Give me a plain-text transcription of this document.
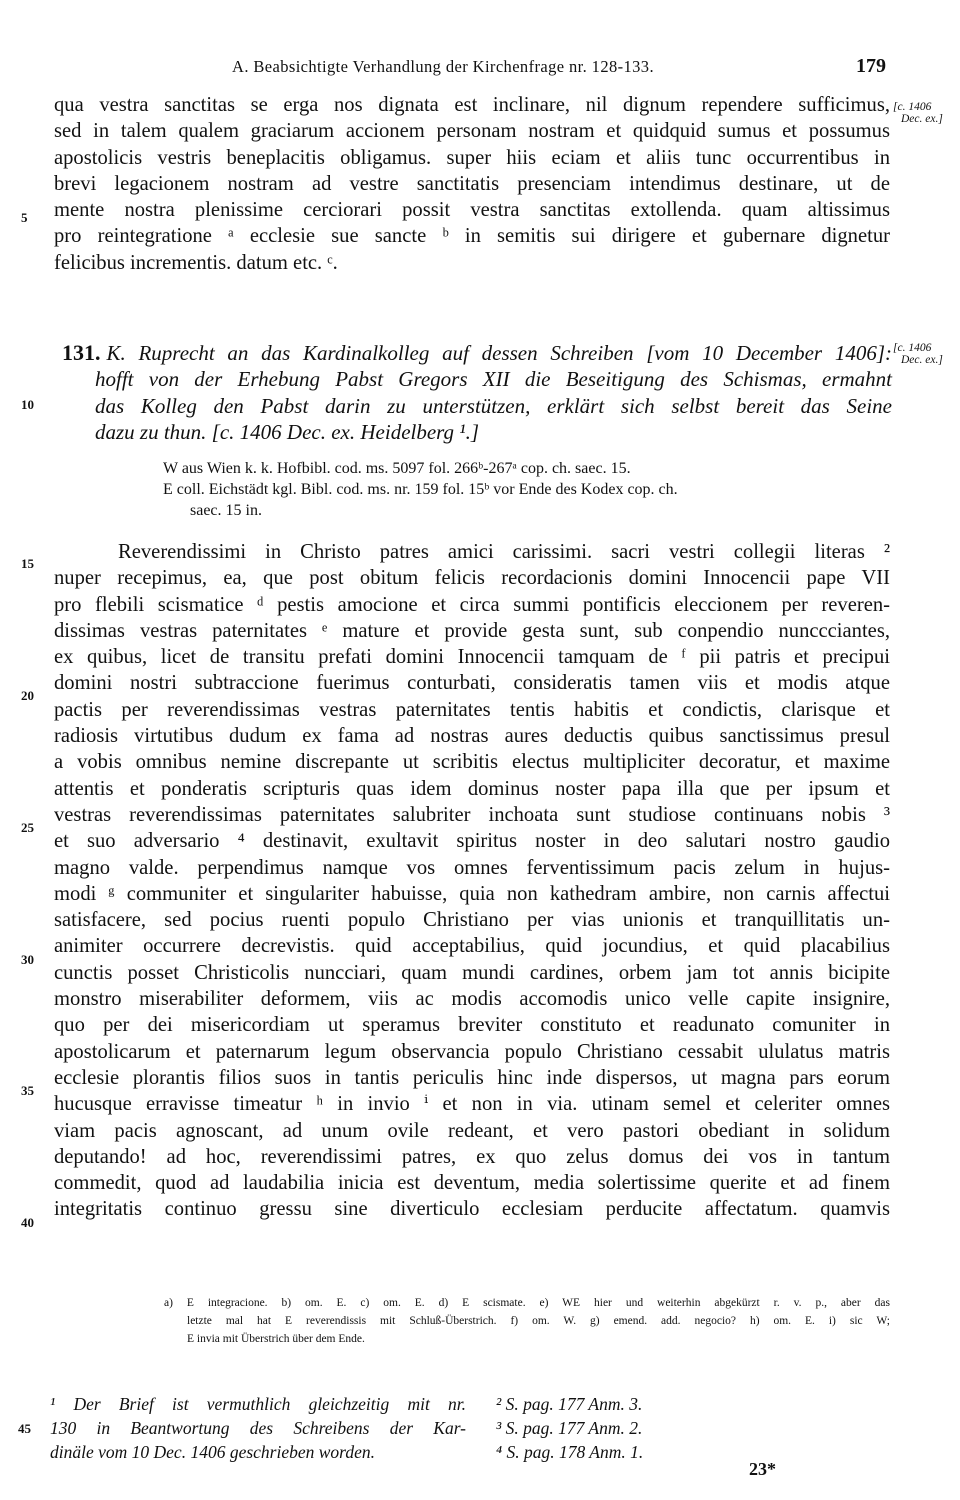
A. Beabsichtigte Verhandlung der Kirchenfrage nr. 128-133.	179
[c. 1406
Dec. ex.]
qua vestra sanctitas se erga nos dignata est inclinare, nil dignum rependere sufficimus,
sed in talem qualem graciarum accionem personam nostram et quidquid sumus et possumus
apostolicis vestris beneplacitis obligamus. super hiis eciam et aliis tunc occurrentibus in
brevi legacionem nostram ad vestre sanctitatis presenciam intendimus destinare, ut de
mente nostra plenissime cerciorari possit vestra sanctitas extollenda. quam altissimus
pro reintegratione ᵃ ecclesie sue sancte ᵇ in semitis sui dirigere et gubernare dignetur
felicibus incrementis. datum etc. ᶜ.
5
10
15
20
25
30
35
40
131. K. Ruprecht an das Kardinalkolleg auf dessen Schreiben [vom 10 December 1406]:
hofft von der Erhebung Pabst Gregors XII die Beseitigung des Schismas, ermahnt
das Kolleg den Pabst darin zu unterstützen, erklärt sich selbst bereit das Seine
dazu zu thun. [c. 1406 Dec. ex. Heidelberg ¹.]
[c. 1406
Dec. ex.]
W aus Wien k. k. Hofbibl. cod. ms. 5097 fol. 266ᵇ-267ᵃ cop. ch. saec. 15.
E coll. Eichstädt kgl. Bibl. cod. ms. nr. 159 fol. 15ᵇ vor Ende des Kodex cop. ch.
saec. 15 in.
Reverendissimi in Christo patres amici carissimi. sacri vestri collegii literas ²
nuper recepimus, ea, que post obitum felicis recordacionis domini Innocencii pape VII
pro flebili scismatice ᵈ pestis amocione et circa summi pontificis eleccionem per reveren-
dissimas vestras paternitates ᵉ mature et provide gesta sunt, sub conpendio nunccciantes,
ex quibus, licet de transitu prefati domini Innocencii tamquam de ᶠ pii patris et precipui
domini nostri subtraccione fuerimus conturbati, consideratis tamen viis et modis atque
pactis per reverendissimas vestras paternitates tentis habitis et condictis, clarisque et
radiosis virtutibus dudum ex fama ad nostras aures deductis quibus sanctissimus presul
a vobis omnibus nemine discrepante ut scribitis electus multipliciter decoratur, et maxime
attentis et ponderatis scripturis quas idem dominus noster papa illa que per ipsum et
vestras reverendissimas paternitates salubriter inchoata sunt studiose continuans nobis ³
et suo adversario ⁴ destinavit, exultavit spiritus noster in deo salutari nostro gaudio
magno valde. perpendimus namque vos omnes ferventissimum pacis zelum in hujus-
modi ᵍ communiter et singulariter habuisse, quia non kathedram ambire, non carnis affectui
satisfacere, sed pocius ruenti populo Christiano per vias unionis et tranquillitatis un-
animiter occurrere decrevistis. quid acceptabilius, quid jocundius, et quid placabilius
cunctis posset Christicolis nuncciari, quam mundi cardines, orbem jam tot annis bicipite
monstro miserabiliter deformem, viis ac modis accomodis unico velle capite insignire,
quo per dei misericordiam ut speramus breviter constituto et readunato comuniter in
apostolicarum et paternarum legum observancia populo Christiano cessabit ululatus matris
ecclesie plorantis filios suos in tantis periculis hinc inde dispersos, ut magna pars eorum
hucusque erravisse timeatur ʰ in invio ⁱ et non in via. utinam semel et celeriter omnes
viam pacis agnoscant, ad unum ovile redeant, et vero pastori obediant in solidum
deputando! ad hoc, reverendissimi patres, ex quo zelus domus dei vos in tantum
commedit, quod ad laudabilia inicia est deventum, media solertissime querite et ad finem
integritatis continuo gressu sine diverticulo ecclesiam perducite affectatum. quamvis
a) E integracione. b) om. E. c) om. E. d) E scismate. e) WE hier und weiterhin abgekürzt r. v. p., aber das
letzte mal hat E reverendissis mit Schluß-Überstrich. f) om. W. g) emend. add. negocio? h) om. E. i) sic W;
E invia mit Überstrich über dem Ende.
¹ Der Brief ist vermuthlich gleichzeitig mit nr.
130 in Beantwortung des Schreibens der Kar-
dinäle vom 10 Dec. 1406 geschrieben worden.
45
² S. pag. 177 Anm. 3.
³ S. pag. 177 Anm. 2.
⁴ S. pag. 178 Anm. 1.
23*
